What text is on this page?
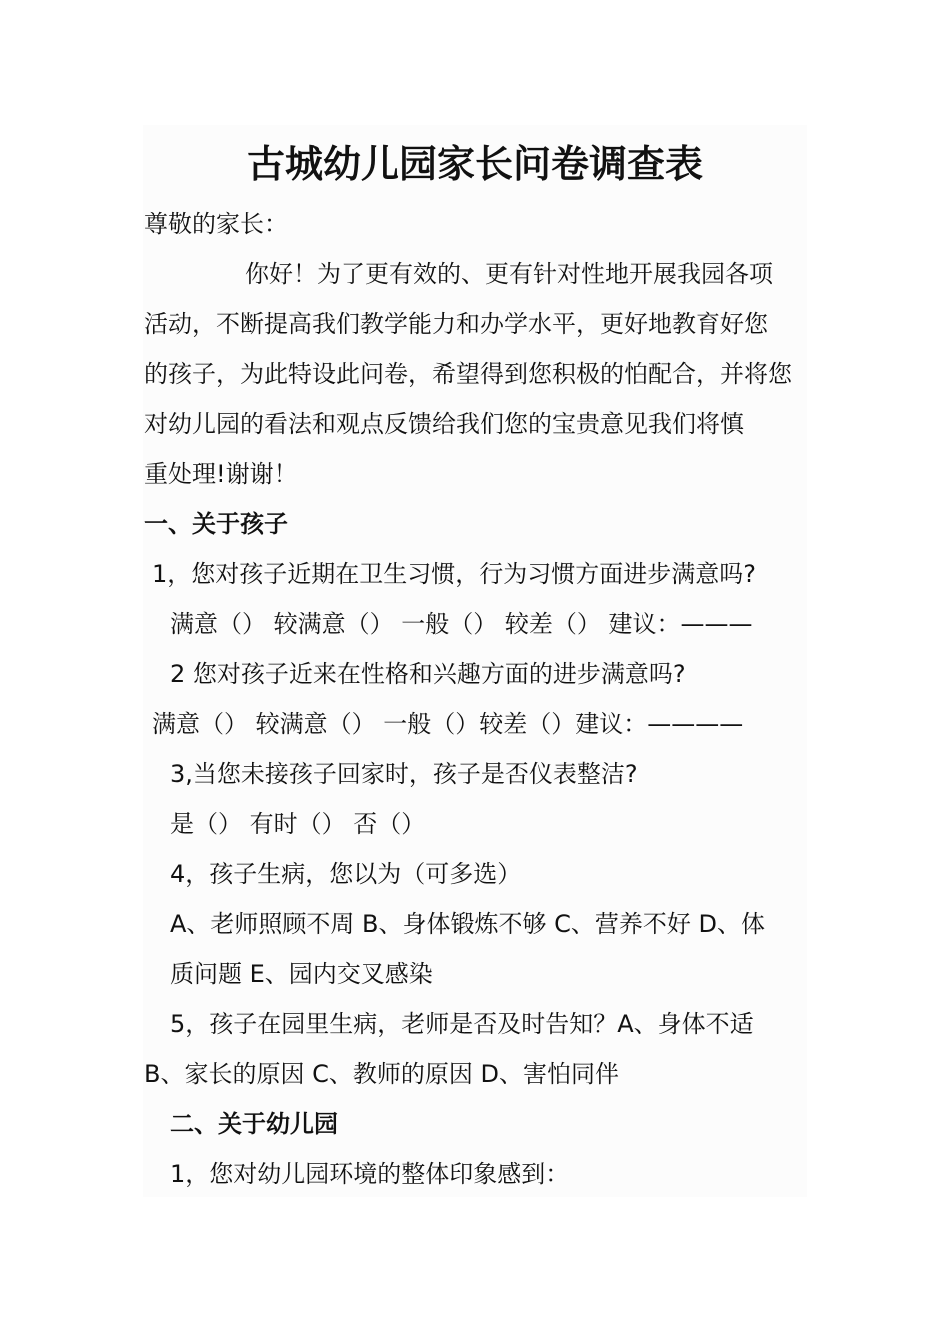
古城幼儿园家长问卷调查表
尊敬的家长：
你好！为了更有效的、更有针对性地开展我园各项
活动，不断提高我们教学能力和办学水平，更好地教育好您
的孩子，为此特设此问卷，希望得到您积极的怕配合，并将您
对幼儿园的看法和观点反馈给我们您的宝贵意见我们将慎
重处理!谢谢！
一、关于孩子
1，您对孩子近期在卫生习惯，行为习惯方面进步满意吗?
满意（） 较满意（） 一般（） 较差（） 建议：———
2 您对孩子近来在性格和兴趣方面的进步满意吗?
满意（） 较满意（） 一般（）较差（）建议：————
3,当您未接孩子回家时，孩子是否仪表整洁?
是（） 有时（） 否（）
4，孩子生病，您以为（可多选）
A、老师照顾不周 B、身体锻炼不够 C、营养不好 D、体
质问题 E、园内交叉感染
5，孩子在园里生病，老师是否及时告知？A、身体不适
B、家长的原因 C、教师的原因 D、害怕同伴
二、关于幼儿园
1，您对幼儿园环境的整体印象感到：
